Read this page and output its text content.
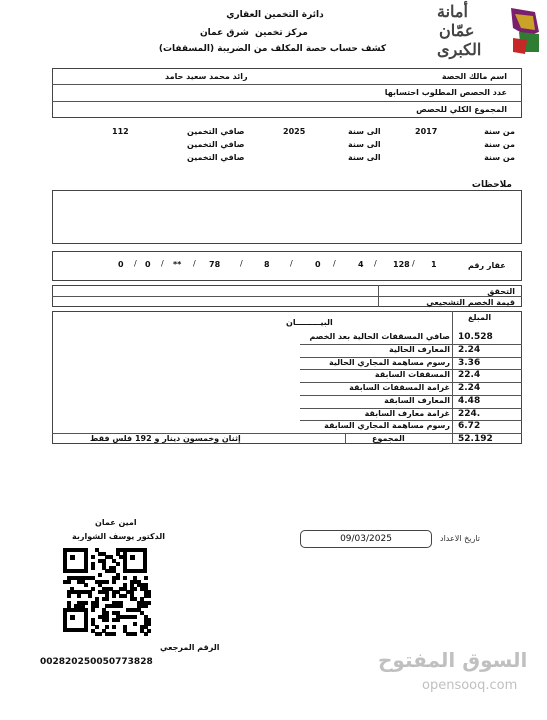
دائرة التخمين العقاري
مركز تخمين
شرق عمان
كشف حساب حصة المكلف من الضريبة (المسقفات)
أمانة
عمّان
الكبرى
اسم مالك الحصة
رائد محمد سعيد حامد
عدد الحصص المطلوب احتسابها
المجموع الكلي للحصص
من سنة
2017
الى سنة
2025
صافي التخمين
112
من سنة
الى سنة
صافي التخمين
من سنة
الى سنة
صافي التخمين
ملاحظات
عقار رقم
1
/
128
/
4
/
0
/
8
/
78
/
**
/
0
/
0
التحقق
قيمة الخصم التشجيعي
المبلغ
البيـــــــــان
10.528
صافي المسقفات الحالية بعد الخصم
2.24
المعارف الحالية
3.36
رسوم مساهمة المجاري الحالية
22.4
المسقفات السابقة
2.24
غرامة المسقفات السابقة
4.48
المعارف السابقة
224.
غرامة معارف السابقة
6.72
رسوم مساهمة المجاري السابقة
52.192
المجموع
إثنان وخمسون دينار و 192 فلس فقط
تاريخ الاعداد
09/03/2025
امين عمان
الدكتور يوسف الشواربة
الرقم المرجعي
002820250050773828	السوق المفتوح
opensooq.com
